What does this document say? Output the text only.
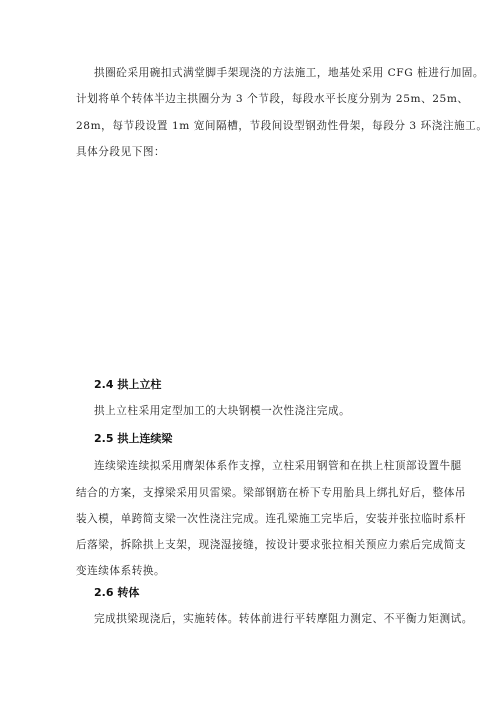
拱圈砼采用碗扣式满堂脚手架现浇的方法施工，地基处采用 CFG 桩进行加固。
计划将单个转体半边主拱圈分为 3 个节段，每段水平长度分别为 25m、25m、
28m，每节段设置 1m 宽间隔槽，节段间设型钢劲性骨架，每段分 3 环浇注施工。
具体分段见下图：
2.4 拱上立柱
拱上立柱采用定型加工的大块钢模一次性浇注完成。
2.5 拱上连续梁
连续梁连续拟采用膺架体系作支撑，立柱采用钢管和在拱上柱顶部设置牛腿
结合的方案，支撑梁采用贝雷梁。梁部钢筋在桥下专用胎具上绑扎好后，整体吊
装入模，单跨简支梁一次性浇注完成。连孔梁施工完毕后，安装并张拉临时系杆
后落梁，拆除拱上支架，现浇湿接缝，按设计要求张拉相关预应力索后完成简支
变连续体系转换。
2.6 转体
完成拱梁现浇后，实施转体。转体前进行平转摩阻力测定、不平衡力矩测试。
